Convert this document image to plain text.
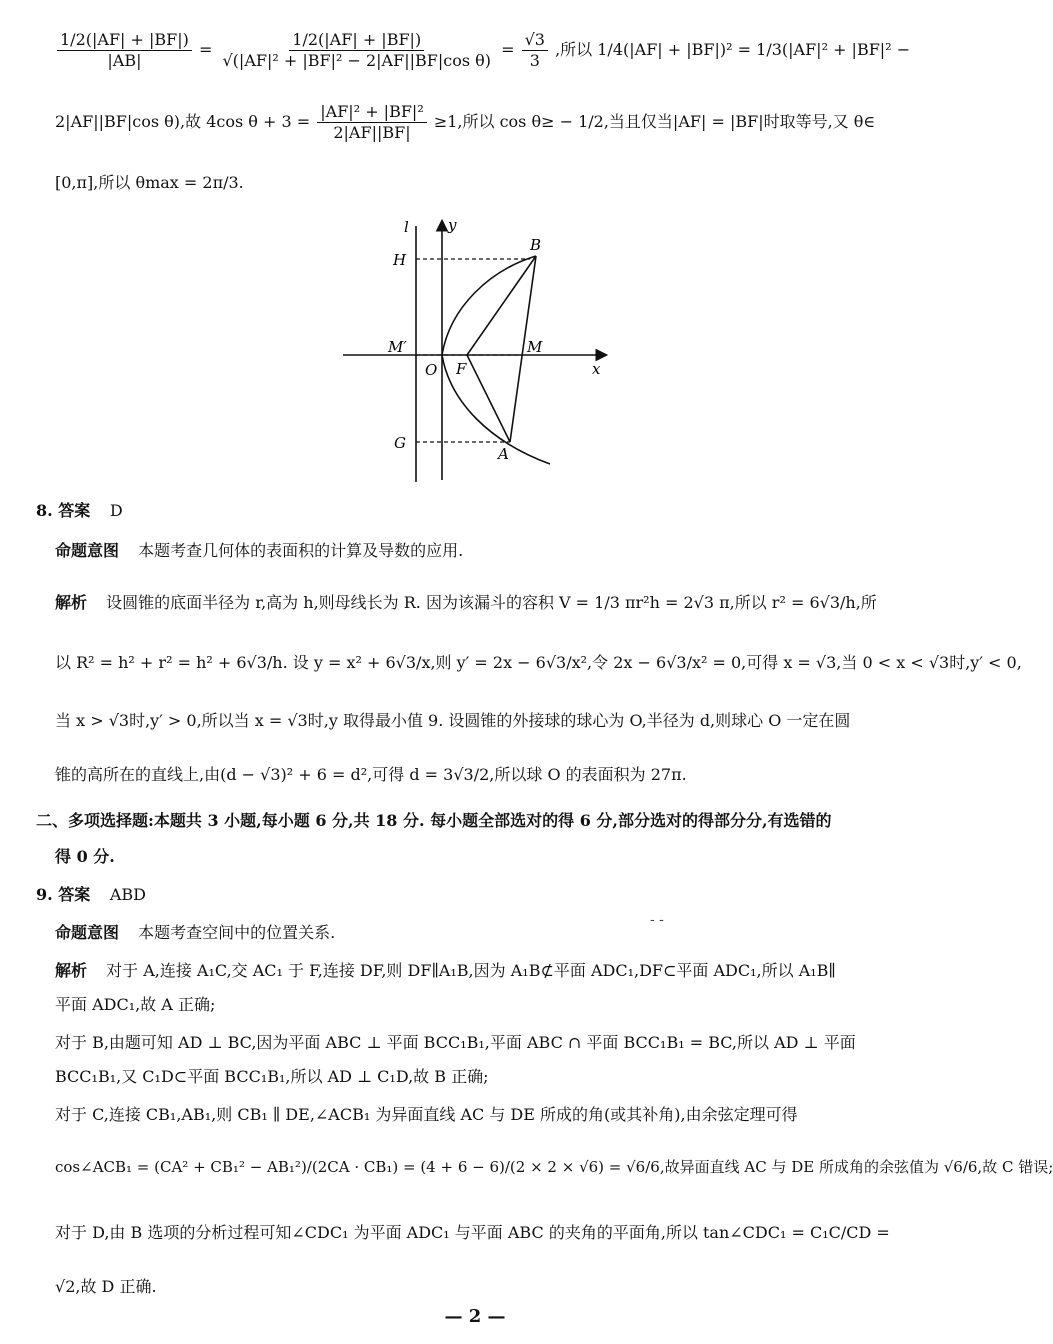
$\frac{1/2(|AF| + |BF|)}{|AB|} = \frac{1/2(|AF| + |BF|)}{\text{√(|AF|² + |BF|² − 2|AF||BF|cos θ)}} = \frac{√3}{3}$ ,所以 1/4(|AF| + |BF|)² = 1/3(|AF|² + |BF|² −
2|AF||BF|cos θ),故 4cos $\theta + 3 = \frac{\text{|AF|² + |BF|²}}{2|AF||BF|} \ge 1$,所以 cos θ≥ − 1/2,当且仅当|AF| = |BF|时取等号,又 θ∈
[0,π],所以 θmax = 2π/3.
l	y
H
B
M′	M
O F	x
G
A
8. 答案 D
命题意图 本题考查几何体的表面积的计算及导数的应用.
解析 设圆锥的底面半径为 r,高为 h,则母线长为 R. 因为该漏斗的容积 V = 1/3 πr²h = 2√3 π,所以 r² = 6√3/h,所
以 R² = h² + r² = h² + 6√3/h. 设 y = x² + 6√3/x,则 y′ = 2x − 6√3/x²,令 2x − 6√3/x² = 0,可得 x = √3,当 0 < x < √3时,y′ < 0,
当 x > √3时,y′ > 0,所以当 x = √3时,y 取得最小值 9. 设圆锥的外接球的球心为 O,半径为 d,则球心 O 一定在圆
锥的高所在的直线上,由(d − √3)² + 6 = d²,可得 d = 3√3/2,所以球 O 的表面积为 27π.
二、多项选择题:本题共 3 小题,每小题 6 分,共 18 分. 每小题全部选对的得 6 分,部分选对的得部分分,有选错的
得 0 分.
9. 答案 ABD
‑ ‑
命题意图 本题考查空间中的位置关系.
解析 对于 A,连接 A₁C,交 AC₁ 于 F,连接 DF,则 DF∥A₁B,因为 A₁B⊄平面 ADC₁,DF⊂平面 ADC₁,所以 A₁B∥
平面 ADC₁,故 A 正确;
对于 B,由题可知 AD ⊥ BC,因为平面 ABC ⊥ 平面 BCC₁B₁,平面 ABC ∩ 平面 BCC₁B₁ = BC,所以 AD ⊥ 平面
BCC₁B₁,又 C₁D⊂平面 BCC₁B₁,所以 AD ⊥ C₁D,故 B 正确;
对于 C,连接 CB₁,AB₁,则 CB₁ ∥ DE,∠ACB₁ 为异面直线 AC 与 DE 所成的角(或其补角),由余弦定理可得
cos∠ACB₁ = (CA² + CB₁² − AB₁²)/(2CA · CB₁) = (4 + 6 − 6)/(2 × 2 × √6) = √6/6,故异面直线 AC 与 DE 所成角的余弦值为 √6/6,故 C 错误;
对于 D,由 B 选项的分析过程可知∠CDC₁ 为平面 ADC₁ 与平面 ABC 的夹角的平面角,所以 tan∠CDC₁ = C₁C/CD =
√2,故 D 正确.
— 2 —
